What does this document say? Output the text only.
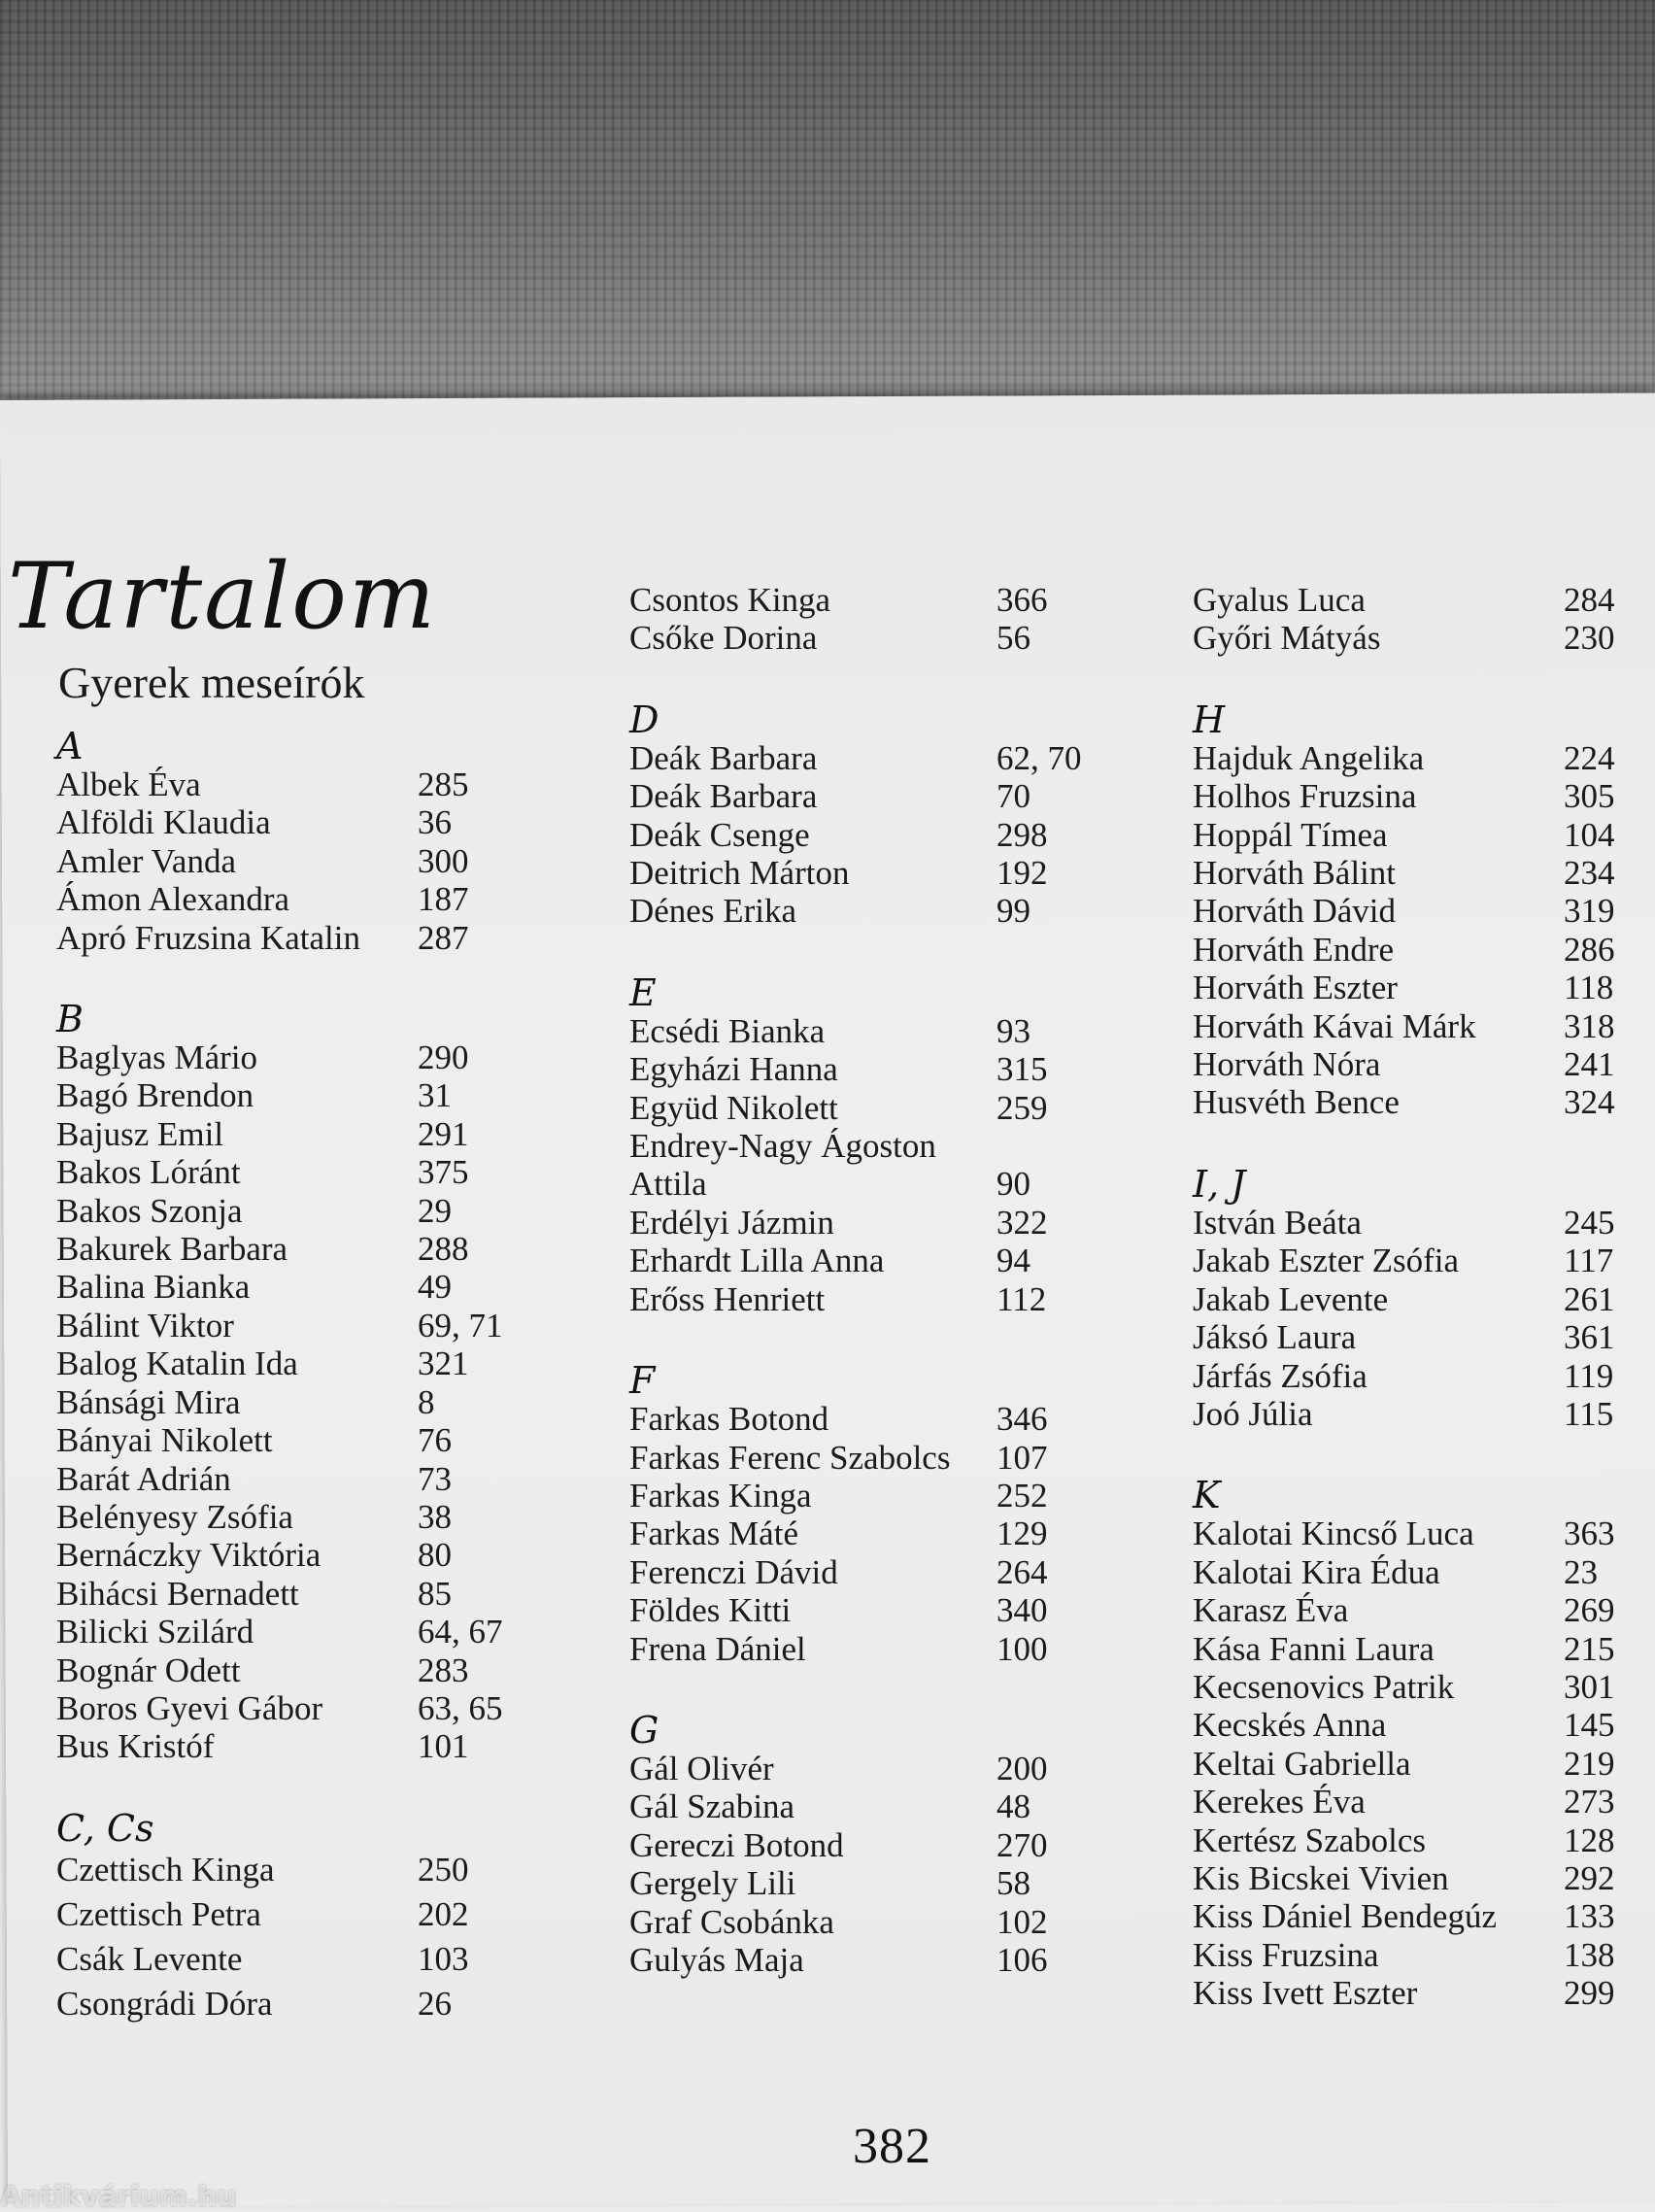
Tartalom
Gyerek meseírók
A
Albek Éva	285
Alföldi Klaudia	36
Amler Vanda	300
Ámon Alexandra	187
Apró Fruzsina Katalin	287
B
Baglyas Mário	290
Bagó Brendon	31
Bajusz Emil	291
Bakos Lóránt	375
Bakos Szonja	29
Bakurek Barbara	288
Balina Bianka	49
Bálint Viktor	69, 71
Balog Katalin Ida	321
Bánsági Mira	8
Bányai Nikolett	76
Barát Adrián	73
Belényesy Zsófia	38
Bernáczky Viktória	80
Bihácsi Bernadett	85
Bilicki Szilárd	64, 67
Bognár Odett	283
Boros Gyevi Gábor	63, 65
Bus Kristóf	101
C, Cs
Czettisch Kinga	250
Czettisch Petra	202
Csák Levente	103
Csongrádi Dóra	26
Csontos Kinga	366
Csőke Dorina	56
D
Deák Barbara	62, 70
Deák Barbara	70
Deák Csenge	298
Deitrich Márton	192
Dénes Erika	99
E
Ecsédi Bianka	93
Egyházi Hanna	315
Együd Nikolett	259
Endrey-Nagy Ágoston
Attila	90
Erdélyi Jázmin	322
Erhardt Lilla Anna	94
Erőss Henriett	112
F
Farkas Botond	346
Farkas Ferenc Szabolcs	107
Farkas Kinga	252
Farkas Máté	129
Ferenczi Dávid	264
Földes Kitti	340
Frena Dániel	100
G
Gál Olivér	200
Gál Szabina	48
Gereczi Botond	270
Gergely Lili	58
Graf Csobánka	102
Gulyás Maja	106
Gyalus Luca	284
Győri Mátyás	230
H
Hajduk Angelika	224
Holhos Fruzsina	305
Hoppál Tímea	104
Horváth Bálint	234
Horváth Dávid	319
Horváth Endre	286
Horváth Eszter	118
Horváth Kávai Márk	318
Horváth Nóra	241
Husvéth Bence	324
I, J
István Beáta	245
Jakab Eszter Zsófia	117
Jakab Levente	261
Jáksó Laura	361
Járfás Zsófia	119
Joó Júlia	115
K
Kalotai Kincső Luca	363
Kalotai Kira Édua	23
Karasz Éva	269
Kása Fanni Laura	215
Kecsenovics Patrik	301
Kecskés Anna	145
Keltai Gabriella	219
Kerekes Éva	273
Kertész Szabolcs	128
Kis Bicskei Vivien	292
Kiss Dániel Bendegúz	133
Kiss Fruzsina	138
Kiss Ivett Eszter	299
382
Antikvárium.hu
